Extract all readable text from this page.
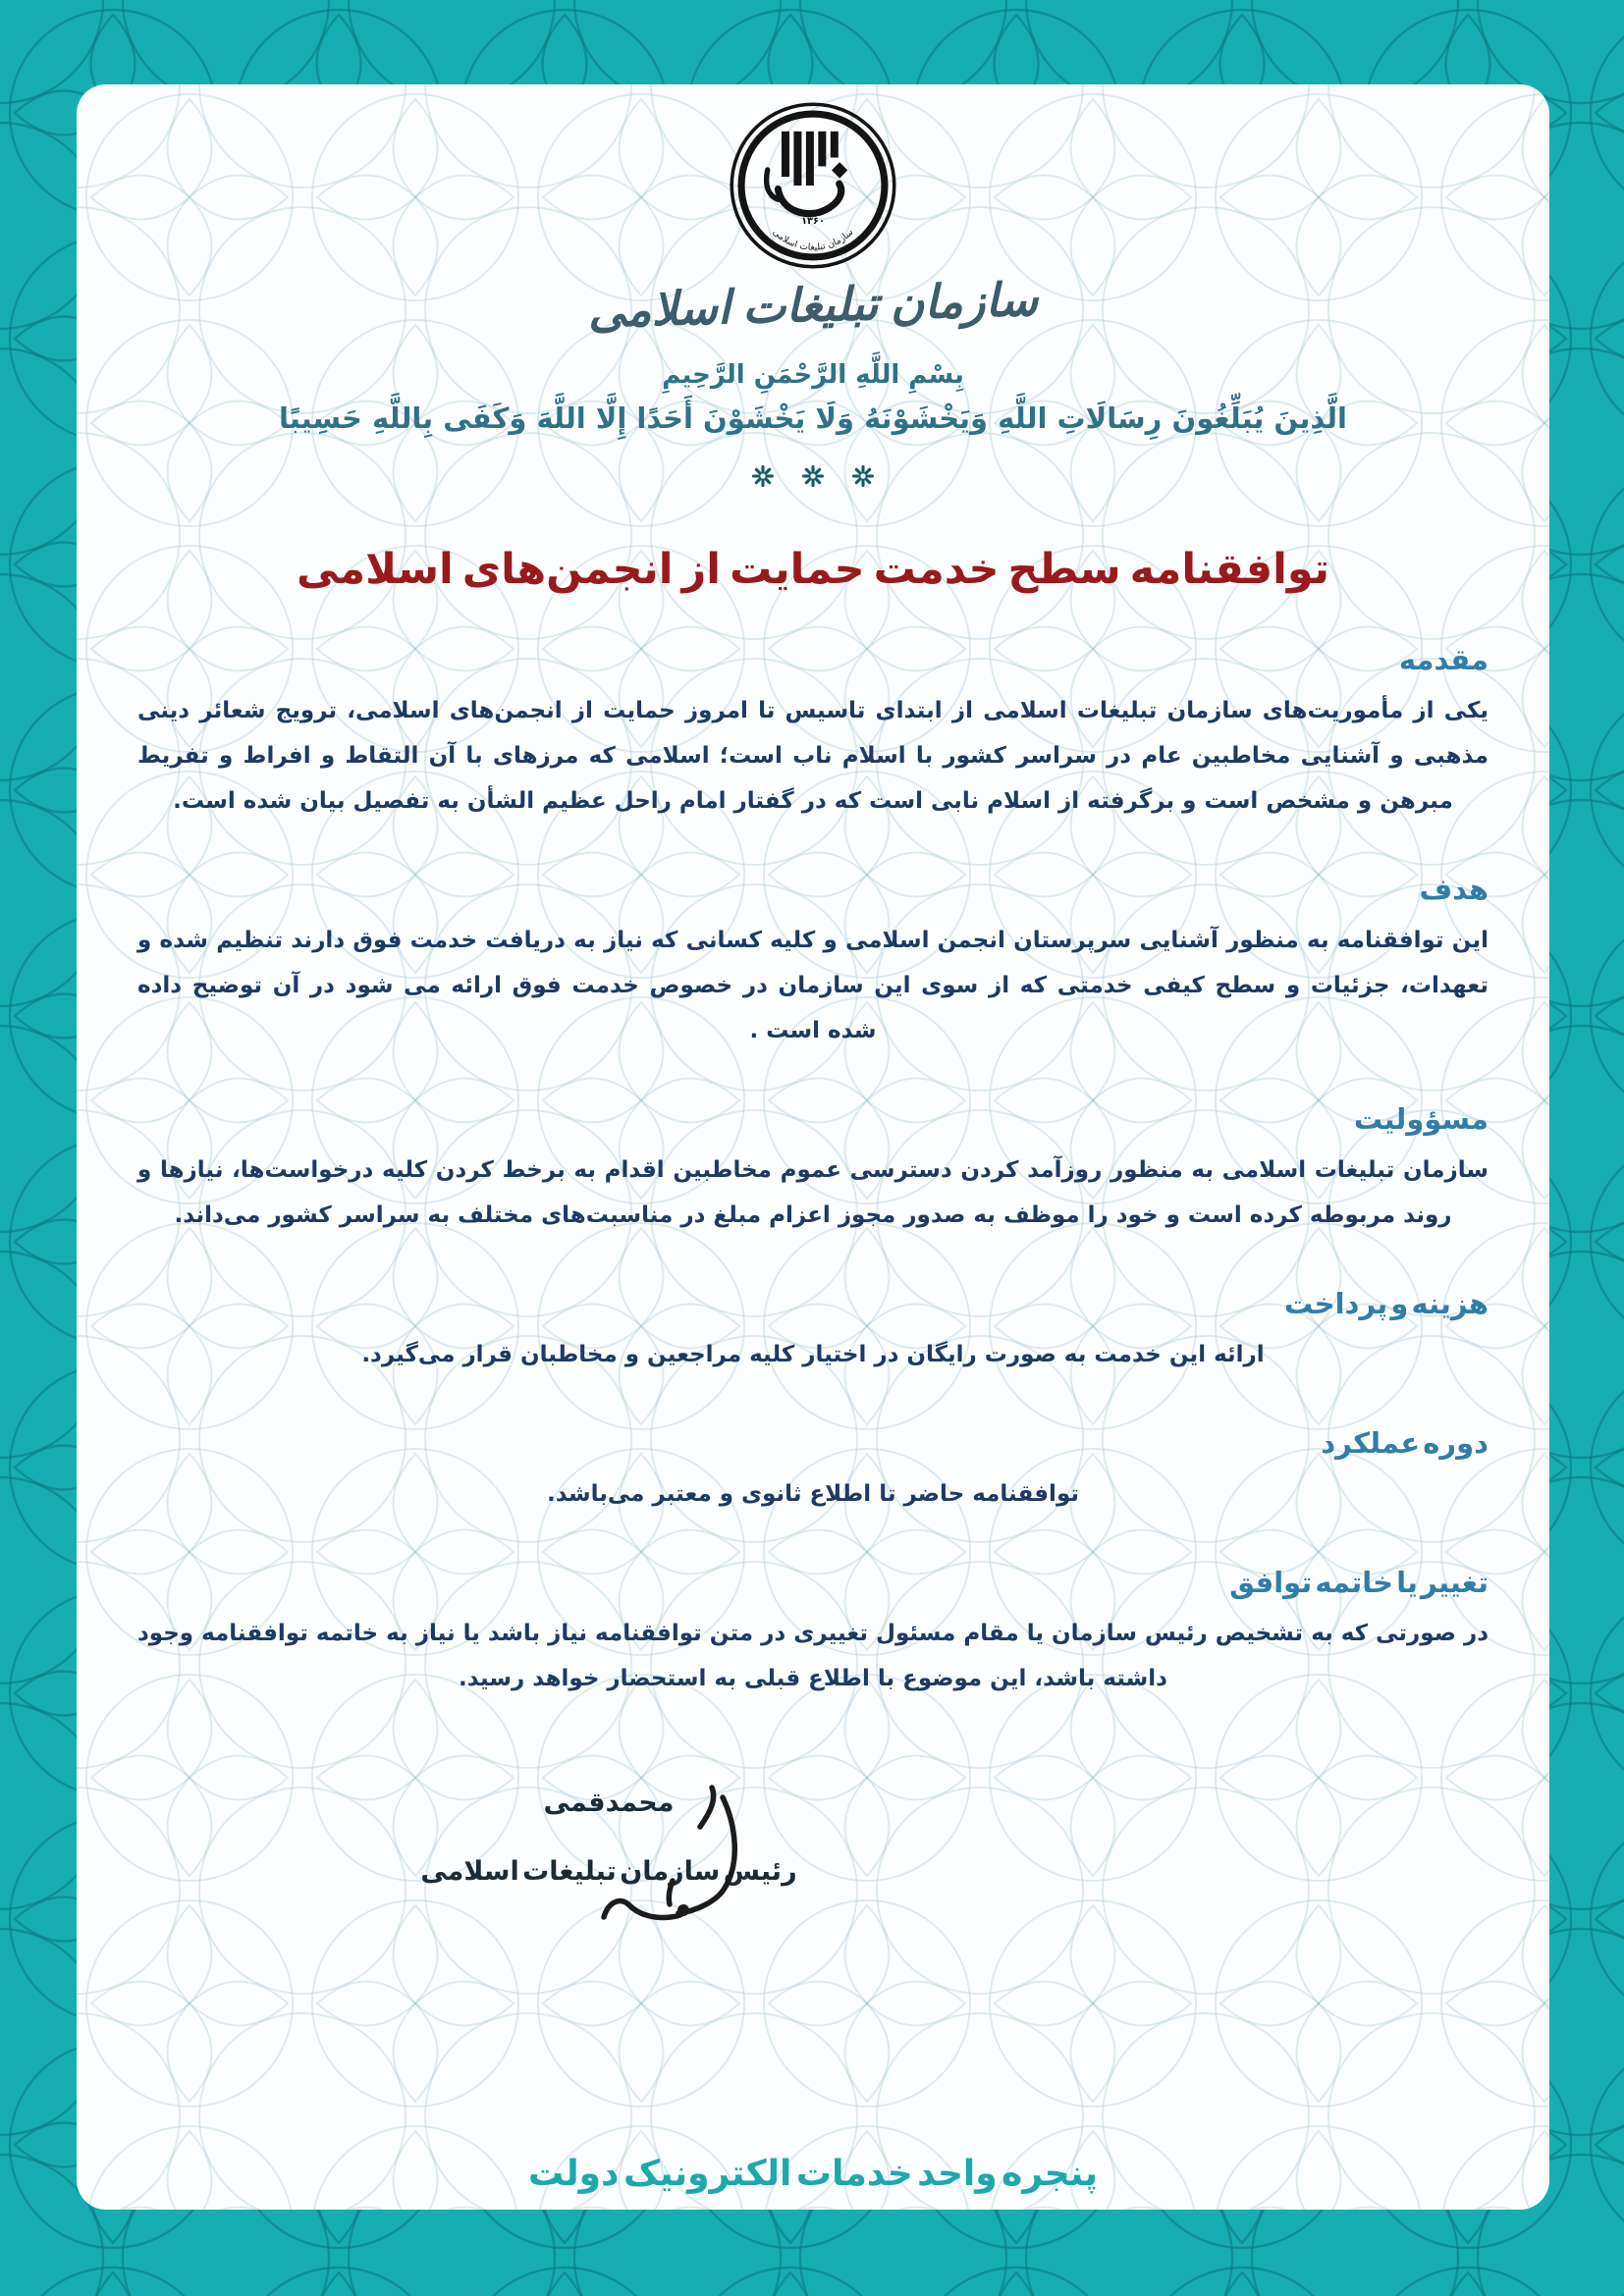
۱۳۶۰
سازمان تبلیغات اسلامی
سازمان تبلیغات اسلامی
بِسْمِ اللَّهِ الرَّحْمَنِ الرَّحِيمِ
الَّذِينَ يُبَلِّغُونَ رِسَالَاتِ اللَّهِ وَيَخْشَوْنَهُ وَلَا يَخْشَوْنَ أَحَدًا إِلَّا اللَّهَ وَكَفَى بِاللَّهِ حَسِيبًا

توافقنامه سطح خدمت حمایت از انجمن‌های اسلامی
مقدمه

یکی از مأموریت‌های سازمان تبلیغات اسلامی از ابتدای تاسیس تا امروز حمایت از انجمن‌های اسلامی، ترویج شعائر دینی مذهبی و آشنایی مخاطبین عام در سراسر کشور با اسلام ناب است؛ اسلامی که مرزهای با آن التقاط و افراط و تفریط مبرهن و مشخص است و برگرفته از اسلام نابی است که در گفتار امام راحل عظیم الشأن به تفصیل بیان شده است.

هدف

این توافقنامه به منظور آشنایی سرپرستان انجمن اسلامی و کلیه کسانی که نیاز به دریافت خدمت فوق دارند تنظیم شده و تعهدات، جزئیات و سطح کیفی خدمتی که از سوی این سازمان در خصوص خدمت فوق ارائه می شود در آن توضیح داده شده است .

مسؤولیت

سازمان تبلیغات اسلامی به منظور روزآمد کردن دسترسی عموم مخاطبین اقدام به برخط کردن کلیه درخواست‌ها، نیازها و روند مربوطه کرده است و خود را موظف به صدور مجوز اعزام مبلغ در مناسبت‌های مختلف به سراسر کشور می‌داند.

هزینه و پرداخت

ارائه این خدمت به صورت رایگان در اختیار کلیه مراجعین و مخاطبان قرار می‌گیرد.

دوره عملکرد

توافقنامه حاضر تا اطلاع ثانوی و معتبر می‌باشد.

تغییر یا خاتمه توافق

در صورتی که به تشخیص رئیس سازمان یا مقام مسئول تغییری در متن توافقنامه نیاز باشد یا نیاز به خاتمه توافقنامه وجود داشته باشد، این موضوع با اطلاع قبلی به استحضار خواهد رسید.

محمدقمی
رئیس سازمان تبلیغات اسلامی
پنجره واحد خدمات الکترونیک دولت
